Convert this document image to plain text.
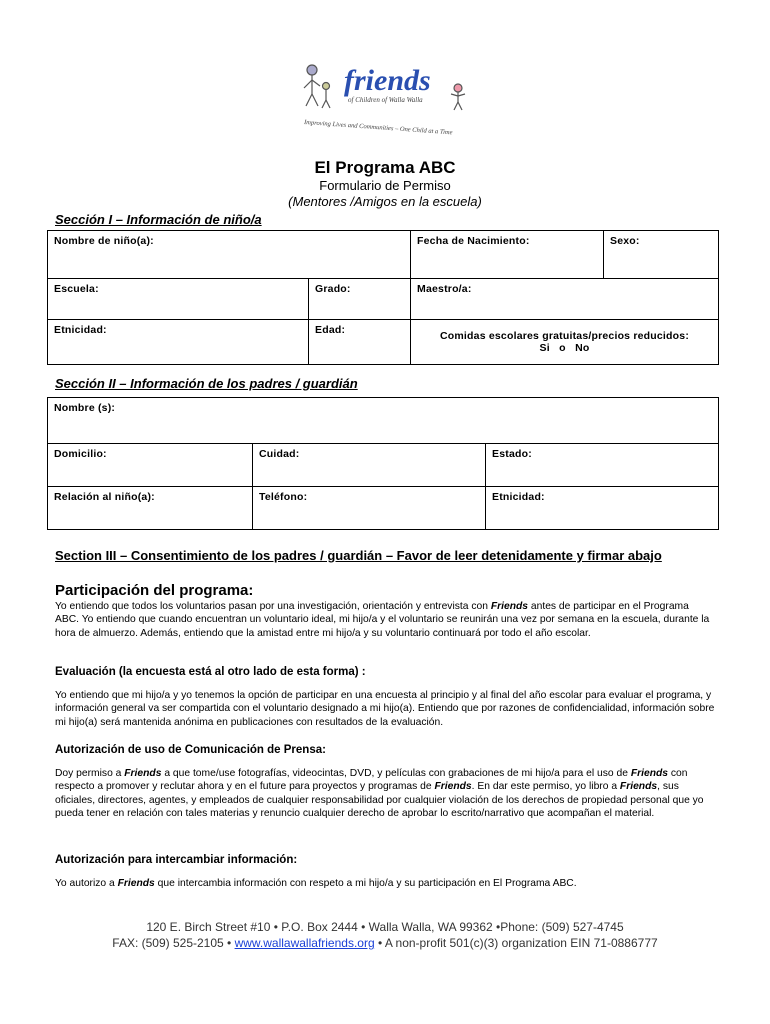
friends
of Children of Walla Walla
Improving Lives and Communities – One Child at a Time
El Programa ABC
Formulario de Permiso
(Mentores /Amigos en la escuela)
Sección I – Información de niño/a
Nombre de niño(a):		Fecha de Nacimiento:	Sexo:
Escuela:	Grado:	Maestro/a:	
Etnicidad:	Edad:	Comidas escolares gratuitas/precios reducidos:
Si   o   No	
Sección II – Información de los padres / guardián
Nombre (s):		
Domicilio:	Cuidad:	Estado:
Relación al niño(a):	Teléfono:	Etnicidad:
Section III – Consentimiento de los padres / guardián – Favor de leer detenidamente y firmar abajo
Participación del programa:
Yo entiendo que todos los voluntarios pasan por una investigación, orientación y entrevista con Friends antes de participar en el Programa ABC. Yo entiendo que cuando encuentran un voluntario ideal, mi hijo/a y el voluntario se reunirán una vez por semana en la escuela, durante la hora de almuerzo. Además, entiendo que la amistad entre mi hijo/a y su voluntario continuará por todo el año escolar.
Evaluación (la encuesta está al otro lado de esta forma) :
Yo entiendo que mi hijo/a y yo tenemos la opción de participar en una encuesta al principio y al final del año escolar para evaluar el programa, y información general va ser compartida con el voluntario designado a mi hijo(a). Entiendo que por razones de confidencialidad, información sobre mi hijo(a) será mantenida anónima en publicaciones con resultados de la evaluación.
Autorización de uso de Comunicación de Prensa:
Doy permiso a Friends a que tome/use fotografías, videocintas, DVD, y películas con grabaciones de mi hijo/a para el uso de Friends con respecto a promover y reclutar ahora y en el future para proyectos y programas de Friends. En dar este permiso, yo libro a Friends, sus oficiales, directores, agentes, y empleados de cualquier responsabilidad por cualquier violación de los derechos de propiedad personal que yo pueda tener en relación con tales materias y renuncio cualquier derecho de aprobar lo escrito/narrativo que acompañan el material.
Autorización para intercambiar información:
Yo autorizo a Friends que intercambia información con respeto a mi hijo/a y su participación en El Programa ABC.
120 E. Birch Street #10 • P.O. Box 2444 • Walla Walla, WA 99362 •Phone: (509) 527-4745
FAX: (509) 525-2105 • www.wallawallafriends.org • A non-profit 501(c)(3) organization EIN 71-0886777
